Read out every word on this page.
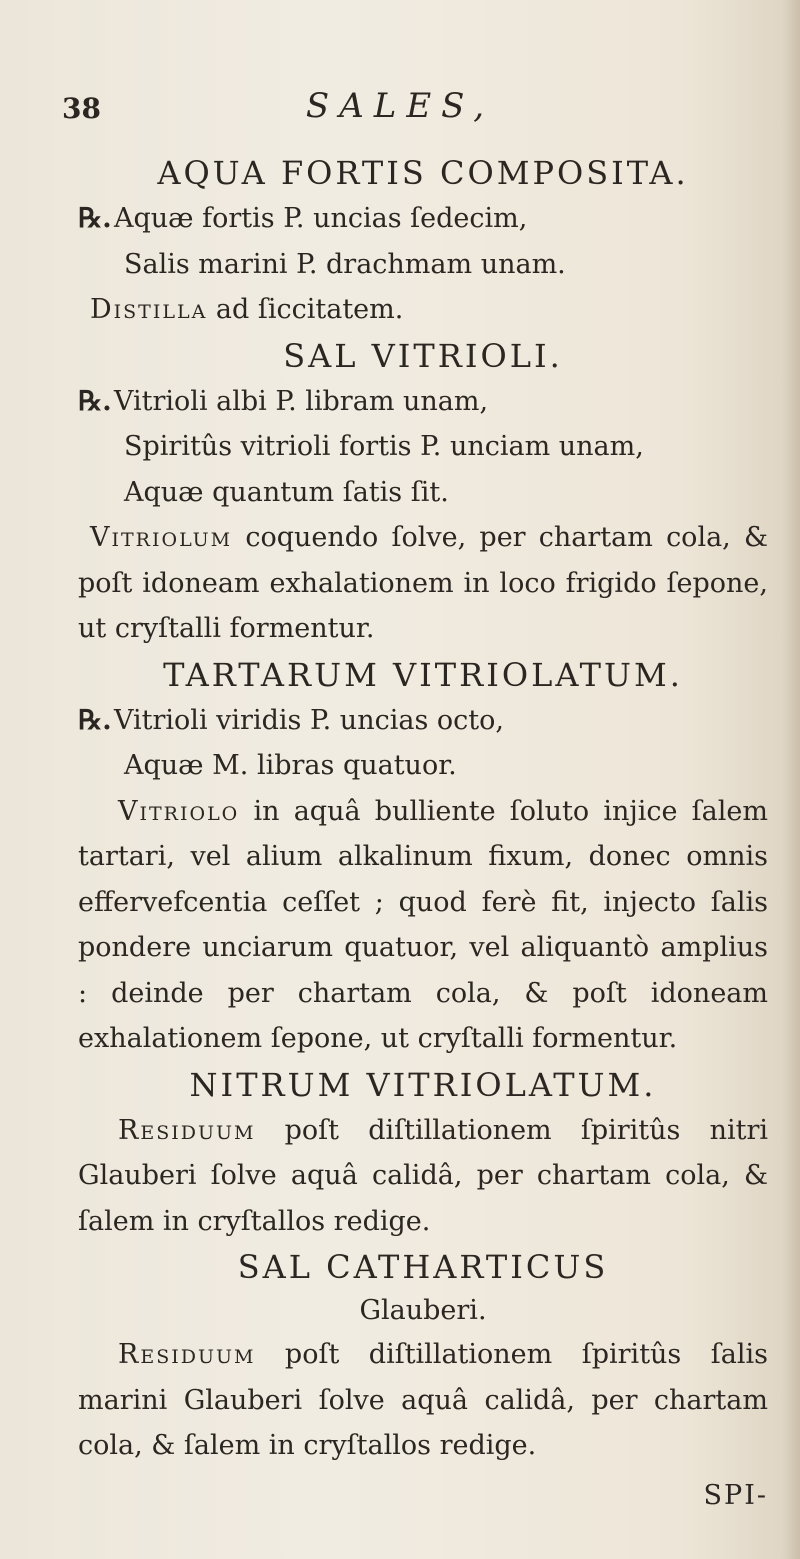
38	SALES,

AQUA FORTIS COMPOSITA.

℞.Aquæ fortis P. uncias ſedecim,

Salis marini P. drachmam unam.

Distilla ad ſiccitatem.

SAL VITRIOLI.

℞.Vitrioli albi P. libram unam,

Spiritûs vitrioli fortis P. unciam unam,

Aquæ quantum ſatis ſit.

Vitriolum coquendo ſolve, per chartam cola, & poſt idoneam exhalationem in loco frigido ſepone, ut cryſtalli formentur.

TARTARUM VITRIOLATUM.

℞.Vitrioli viridis P. uncias octo,

Aquæ M. libras quatuor.

Vitriolo in aquâ bulliente ſoluto injice ſalem tartari, vel alium alkalinum fixum, donec omnis effervefcentia ceſſet ; quod ferè fit, injecto ſalis pondere unciarum quatuor, vel aliquantò amplius : deinde per chartam cola, & poſt idoneam exhalationem ſepone, ut cryſtalli formentur.

NITRUM VITRIOLATUM.

Residuum poſt diſtillationem ſpiritûs nitri Glauberi ſolve aquâ calidâ, per chartam cola, & ſalem in cryſtallos redige.

SAL CATHARTICUS

Glauberi.

Residuum poſt diſtillationem ſpiritûs ſalis marini Glauberi ſolve aquâ calidâ, per chartam cola, & ſalem in cryſtallos redige.

SPI-
